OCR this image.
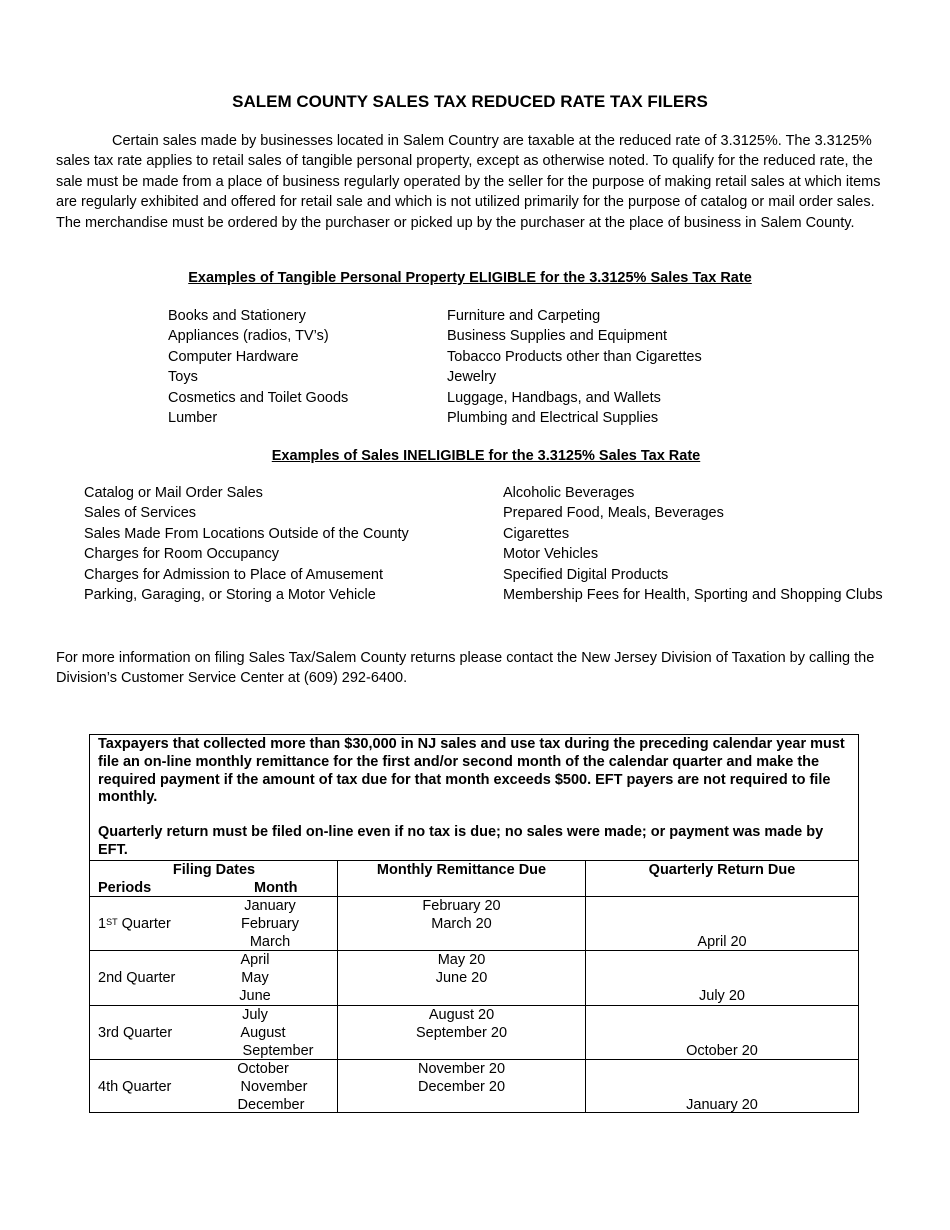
SALEM COUNTY SALES TAX REDUCED RATE TAX FILERS

Certain sales made by businesses located in Salem Country are taxable at the reduced rate of 3.3125%. The 3.3125% sales tax rate applies to retail sales of tangible personal property, except as otherwise noted. To qualify for the reduced rate, the sale must be made from a place of business regularly operated by the seller for the purpose of making retail sales at which items are regularly exhibited and offered for retail sale and which is not utilized primarily for the purpose of catalog or mail order sales. The merchandise must be ordered by the purchaser or picked up by the purchaser at the place of business in Salem County.

Examples of Tangible Personal Property ELIGIBLE for the 3.3125% Sales Tax Rate
Books and Stationery
Appliances (radios, TV’s)
Computer Hardware
Toys
Cosmetics and Toilet Goods
Lumber
Furniture and Carpeting
Business Supplies and Equipment
Tobacco Products other than Cigarettes
Jewelry
Luggage, Handbags, and Wallets
Plumbing and Electrical Supplies
Examples of Sales INELIGIBLE for the 3.3125% Sales Tax Rate
Catalog or Mail Order Sales
Sales of Services
Sales Made From Locations Outside of the County
Charges for Room Occupancy
Charges for Admission to Place of Amusement
Parking, Garaging, or Storing a Motor Vehicle
Alcoholic Beverages
Prepared Food, Meals, Beverages
Cigarettes
Motor Vehicles
Specified Digital Products
Membership Fees for Health, Sporting and Shopping Clubs

For more information on filing Sales Tax/Salem County returns please contact the New Jersey Division of Taxation by calling the Division’s Customer Service Center at (609) 292-6400.

Taxpayers that collected more than $30,000 in NJ sales and use tax during the preceding calendar year must file an on-line monthly remittance for the first and/or second month of the calendar quarter and make the required payment if the amount of tax due for that month exceeds $500. EFT payers are not required to file monthly.

Quarterly return must be filed on-line even if no tax is due; no sales were made; or payment was made by EFT.

Filing Dates
Periods	Month
Monthly Remittance Due	Quarterly Return Due
1ST Quarter
January
February
March
February 20
March 20
April 20
2nd Quarter
April
May
June
May 20
June 20
July 20
3rd Quarter
July
August
September
August 20
September 20
October 20
4th Quarter
October
November
December
November 20
December 20
January 20
